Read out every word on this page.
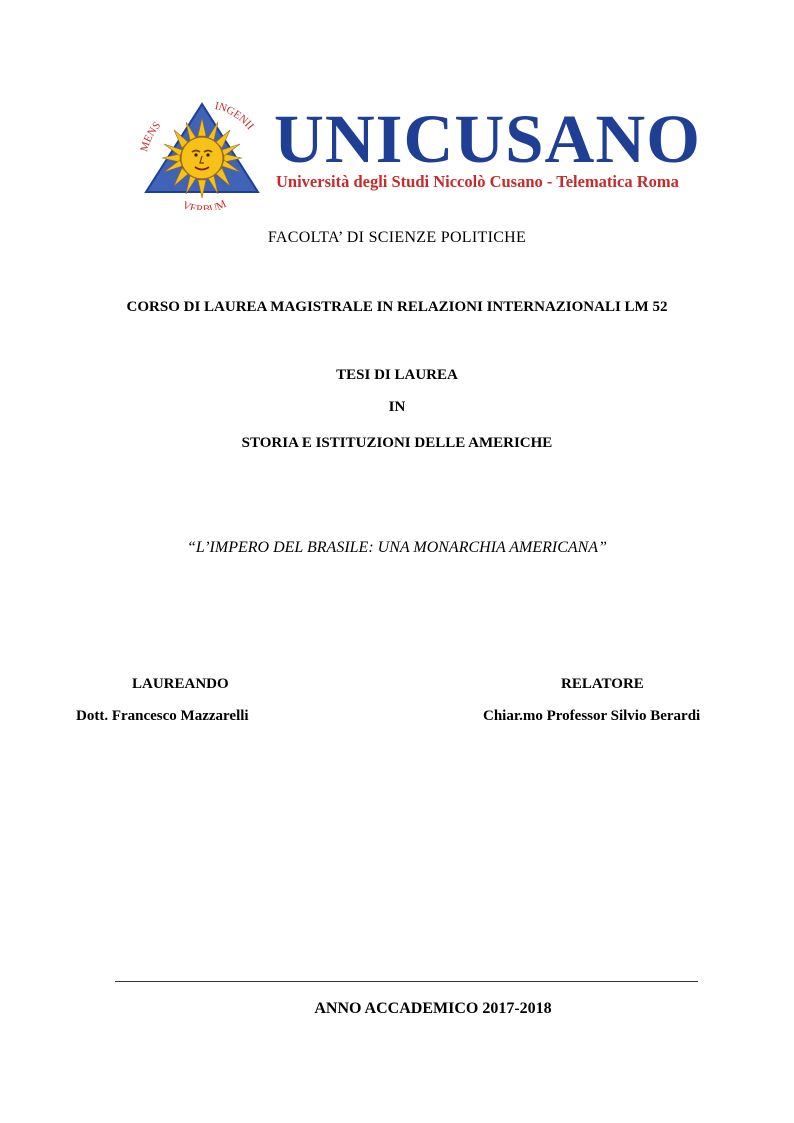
MENS
INGENII
VERBUM
UNICUSANO
Università degli Studi Niccolò Cusano - Telematica Roma
FACOLTA’ DI SCIENZE POLITICHE
CORSO DI LAUREA MAGISTRALE IN RELAZIONI INTERNAZIONALI LM 52
TESI DI LAUREA
IN
STORIA E ISTITUZIONI DELLE AMERICHE
“L’IMPERO DEL BRASILE: UNA MONARCHIA AMERICANA”
LAUREANDO
Dott. Francesco Mazzarelli
RELATORE
Chiar.mo Professor Silvio Berardi
ANNO ACCADEMICO 2017-2018
